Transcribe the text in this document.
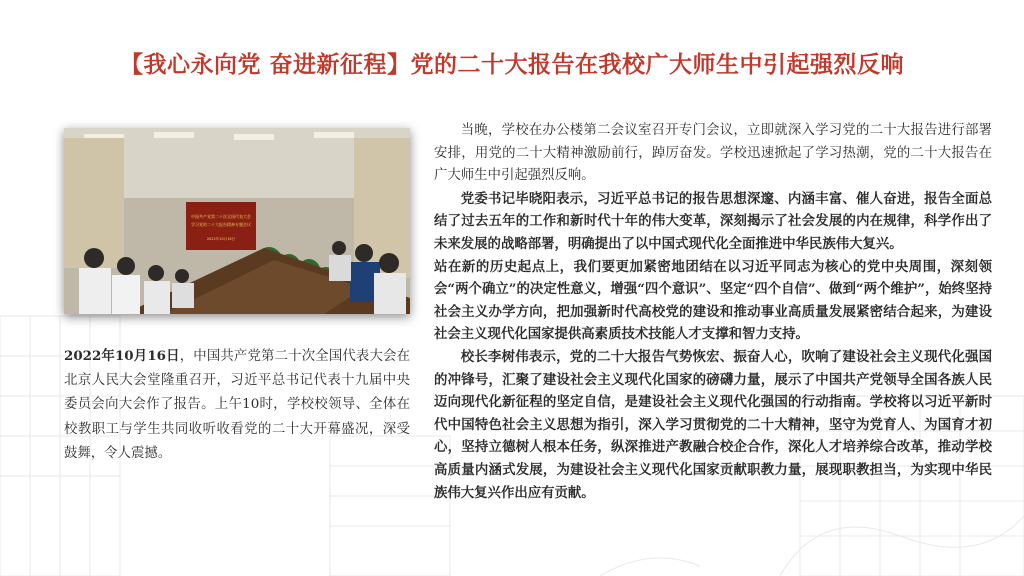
【我心永向党 奋进新征程】党的二十大报告在我校广大师生中引起强烈反响
中国共产党第二十次全国代表大会
学习党的二十大报告精神专题会议
2022年10月16日
2022年10月16日，中国共产党第二十次全国代表大会在北京人民大会堂隆重召开，习近平总书记代表十九届中央委员会向大会作了报告。上午10时，学校校领导、全体在校教职工与学生共同收听收看党的二十大开幕盛况，深受鼓舞，令人震撼。

当晚，学校在办公楼第二会议室召开专门会议，立即就深入学习党的二十大报告进行部署安排，用党的二十大精神激励前行，踔厉奋发。学校迅速掀起了学习热潮，党的二十大报告在广大师生中引起强烈反响。

党委书记毕晓阳表示，习近平总书记的报告思想深邃、内涵丰富、催人奋进，报告全面总结了过去五年的工作和新时代十年的伟大变革，深刻揭示了社会发展的内在规律，科学作出了未来发展的战略部署，明确提出了以中国式现代化全面推进中华民族伟大复兴。

站在新的历史起点上，我们要更加紧密地团结在以习近平同志为核心的党中央周围，深刻领会“两个确立”的决定性意义，增强“四个意识”、坚定“四个自信”、做到“两个维护”，始终坚持社会主义办学方向，把加强新时代高校党的建设和推动事业高质量发展紧密结合起来，为建设社会主义现代化国家提供高素质技术技能人才支撑和智力支持。

校长李树伟表示，党的二十大报告气势恢宏、振奋人心，吹响了建设社会主义现代化强国的冲锋号，汇聚了建设社会主义现代化国家的磅礴力量，展示了中国共产党领导全国各族人民迈向现代化新征程的坚定自信，是建设社会主义现代化强国的行动指南。学校将以习近平新时代中国特色社会主义思想为指引，深入学习贯彻党的二十大精神，坚守为党育人、为国育才初心，坚持立德树人根本任务，纵深推进产教融合校企合作，深化人才培养综合改革，推动学校高质量内涵式发展，为建设社会主义现代化国家贡献职教力量，展现职教担当，为实现中华民族伟大复兴作出应有贡献。
